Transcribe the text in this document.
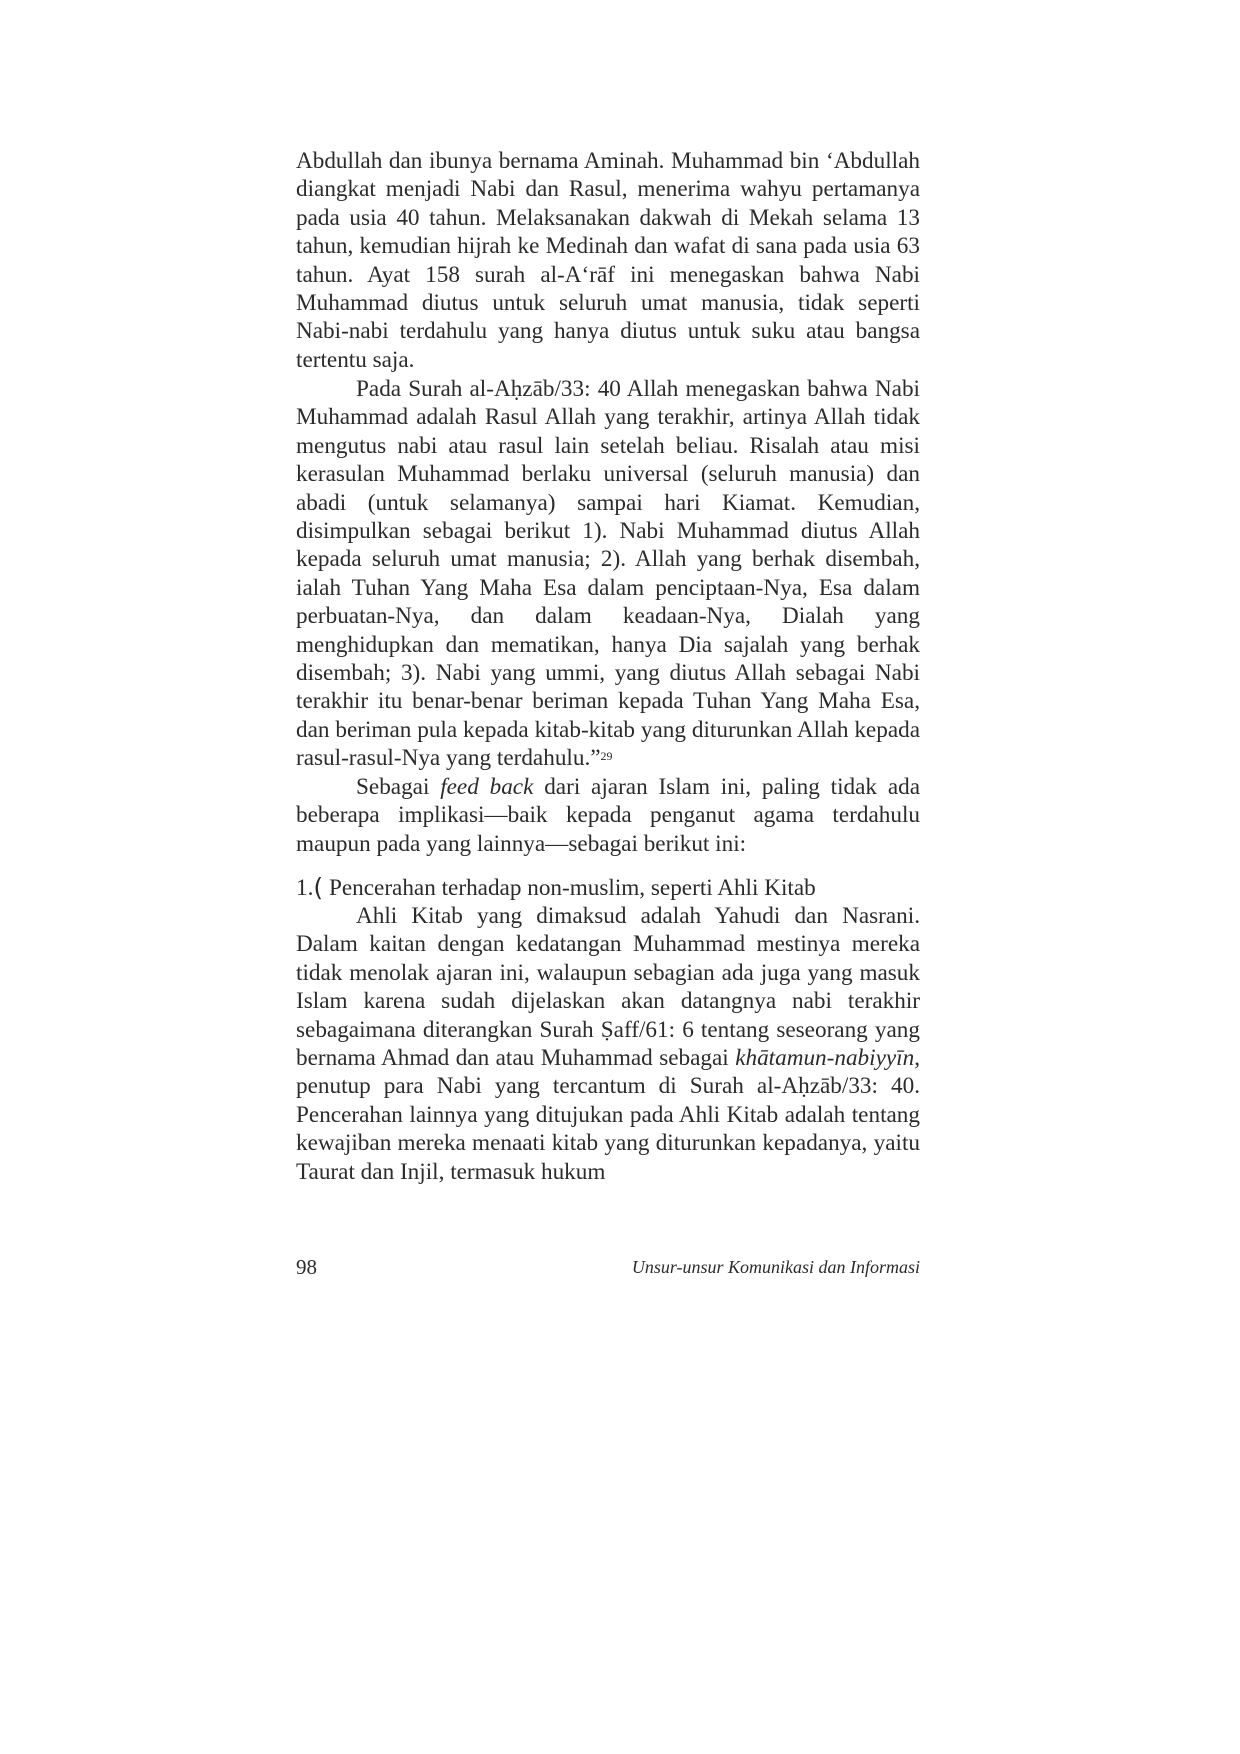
Abdullah dan ibunya bernama Aminah. Muhammad bin ‘Abdullah diangkat menjadi Nabi dan Rasul, menerima wahyu pertamanya pada usia 40 tahun. Melaksanakan dakwah di Mekah selama 13 tahun, kemudian hijrah ke Medinah dan wafat di sana pada usia 63 tahun. Ayat 158 surah al-A‘rāf ini menegaskan bahwa Nabi Muhammad diutus untuk seluruh umat manusia, tidak seperti Nabi-nabi terdahulu yang hanya diutus untuk suku atau bangsa tertentu saja.

Pada Surah al-Aḥzāb/33: 40 Allah menegaskan bahwa Nabi Muhammad adalah Rasul Allah yang terakhir, artinya Allah tidak mengutus nabi atau rasul lain setelah beliau. Risalah atau misi kerasulan Muhammad berlaku universal (seluruh manusia) dan abadi (untuk selamanya) sampai hari Kiamat. Kemudian, disimpulkan sebagai berikut 1). Nabi Muhammad diutus Allah kepada seluruh umat manusia; 2). Allah yang berhak disembah, ialah Tuhan Yang Maha Esa dalam penciptaan-Nya, Esa dalam perbuatan-Nya, dan dalam keadaan-Nya, Dialah yang menghidupkan dan mematikan, hanya Dia sajalah yang berhak disembah; 3). Nabi yang ummi, yang diutus Allah sebagai Nabi terakhir itu benar-benar beriman kepada Tuhan Yang Maha Esa, dan beriman pula kepada kitab-kitab yang diturunkan Allah kepada rasul-rasul-Nya yang terdahulu.”$^{29}$

Sebagai feed back dari ajaran Islam ini, paling tidak ada beberapa implikasi—baik kepada penganut agama terdahulu maupun pada yang lainnya—sebagai berikut ini:

1.( Pencerahan terhadap non-muslim, seperti Ahli Kitab

Ahli Kitab yang dimaksud adalah Yahudi dan Nasrani. Dalam kaitan dengan kedatangan Muhammad mestinya mereka tidak menolak ajaran ini, walaupun sebagian ada juga yang masuk Islam karena sudah dijelaskan akan datangnya nabi terakhir sebagaimana diterangkan Surah Ṣaff/61: 6 tentang seseorang yang bernama Ahmad dan atau Muhammad sebagai khātamun-nabiyyīn, penutup para Nabi yang tercantum di Surah al-Aḥzāb/33: 40. Pencerahan lainnya yang ditujukan pada Ahli Kitab adalah tentang kewajiban mereka menaati kitab yang diturunkan kepadanya, yaitu Taurat dan Injil, termasuk hukum

98	Unsur-unsur Komunikasi dan Informasi
